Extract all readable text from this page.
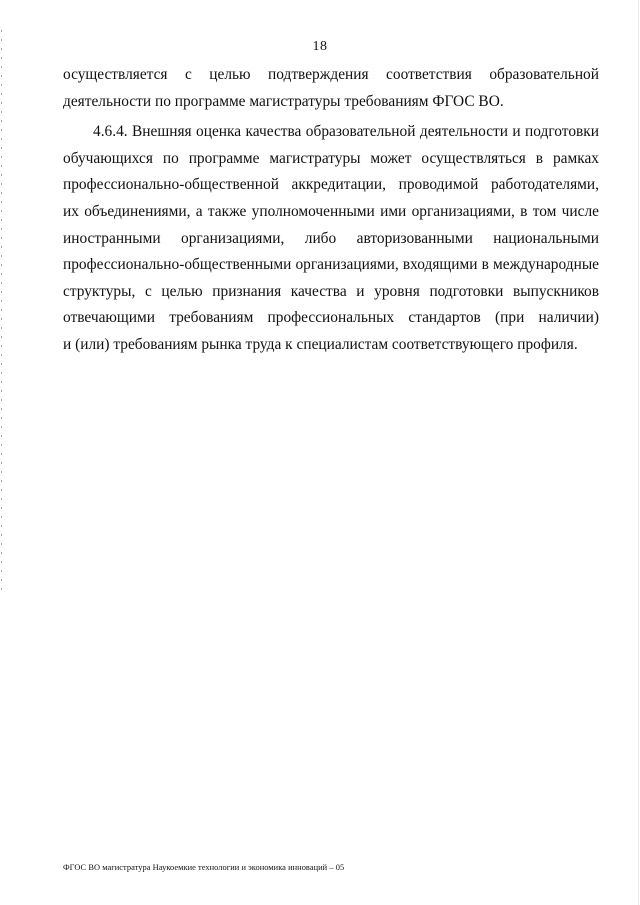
18
осуществляется с целью подтверждения соответствия образовательной
деятельности по программе магистратуры требованиям ФГОС ВО.
4.6.4. Внешняя оценка качества образовательной деятельности и подготовки
обучающихся по программе магистратуры может осуществляться в рамках
профессионально-общественной аккредитации, проводимой работодателями,
их объединениями, а также уполномоченными ими организациями, в том числе
иностранными организациями, либо авторизованными национальными
профессионально-общественными организациями, входящими в международные
структуры, с целью признания качества и уровня подготовки выпускников
отвечающими требованиям профессиональных стандартов (при наличии)
и (или) требованиям рынка труда к специалистам соответствующего профиля.
ФГОС ВО магистратура Наукоемкие технологии и экономика инноваций – 05
